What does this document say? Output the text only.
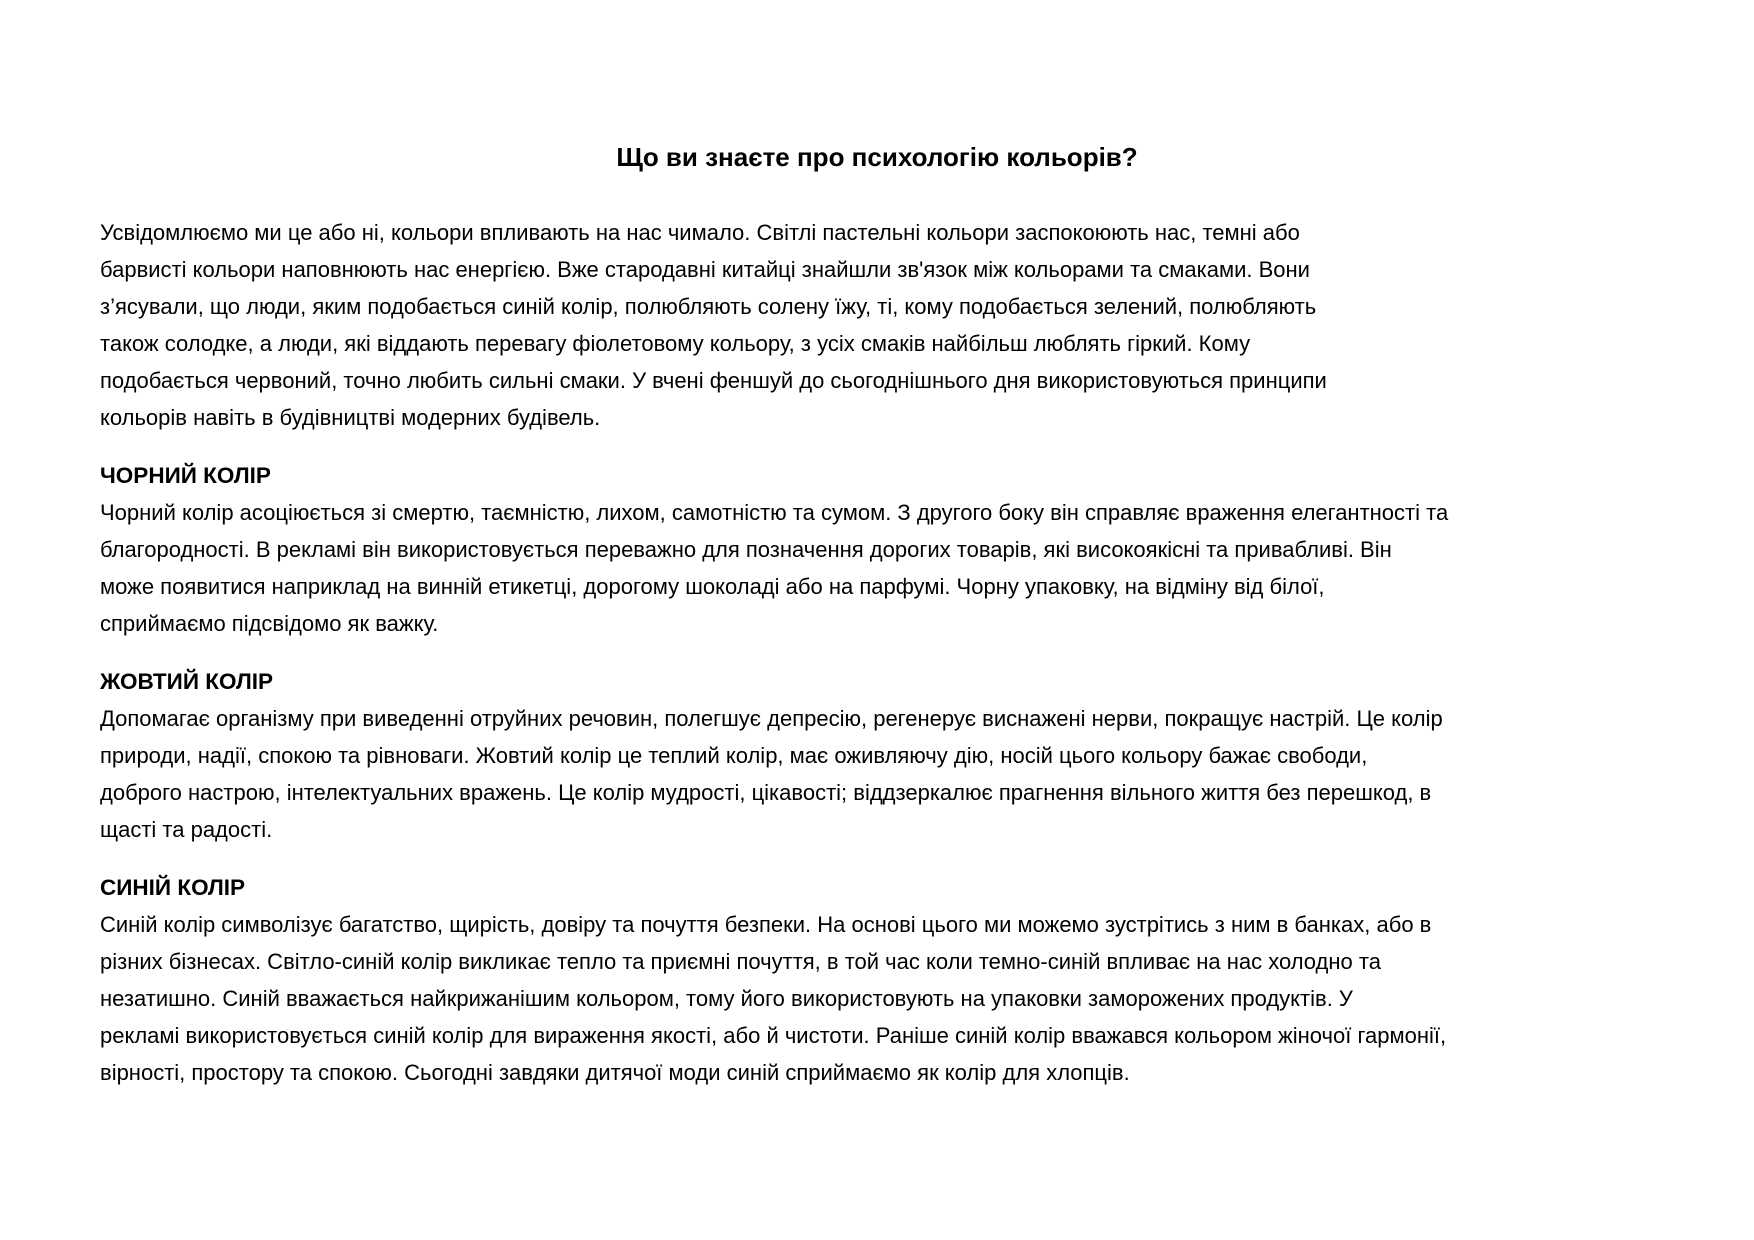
Що ви знаєте про психологію кольорів?
Усвідомлюємо ми це або ні, кольори впливають на нас чимало. Світлі пастельні кольори заспокоюють нас, темні або
барвисті кольори наповнюють нас енергією. Вже стародавні китайці знайшли зв'язок між кольорами та смаками. Вони
з’ясували, що люди, яким подобається синій колір, полюбляють солену їжу, ті, кому подобається зелений, полюбляють
також солодке, а люди, які віддають перевагу фіолетовому кольору, з усіх смаків найбільш люблять гіркий. Кому
подобається червоний, точно любить сильні смаки. У вчені феншуй до сьогоднішнього дня використовуються принципи
кольорів навіть в будівництві модерних будівель.
ЧОРНИЙ КОЛІР
Чорний колір асоціюється зі смертю, таємністю, лихом, самотністю та сумом. З другого боку він справляє враження елегантності та
благородності. В рекламі він використовується переважно для позначення дорогих товарів, які високоякісні та привабливі. Він
може появитися наприклад на винній етикетці, дорогому шоколаді або на парфумі. Чорну упаковку, на відміну від білої,
сприймаємо підсвідомо як важку.
ЖОВТИЙ КОЛІР
Допомагає організму при виведенні отруйних речовин, полегшує депресію, регенерує виснажені нерви, покращує настрій. Це колір
природи, надії, спокою та рівноваги. Жовтий колір це теплий колір, має оживляючу дію, носій цього кольору бажає свободи,
доброго настрою, інтелектуальних вражень. Це колір мудрості, цікавості; віддзеркалює прагнення вільного життя без перешкод, в
щасті та радості.
СИНІЙ КОЛІР
Синій колір символізує багатство, щирість, довіру та почуття безпеки. На основі цього ми можемо зустрітись з ним в банках, або в
різних бізнесах. Світло-синій колір викликає тепло та приємні почуття, в той час коли темно-синій впливає на нас холодно та
незатишно. Синій вважається найкрижанішим кольором, тому його використовують на упаковки заморожених продуктів. У
рекламі використовується синій колір для вираження якості, або й чистоти. Раніше синій колір вважався кольором жіночої гармонії,
вірності, простору та спокою. Сьогодні завдяки дитячої моди синій сприймаємо як колір для хлопців.
